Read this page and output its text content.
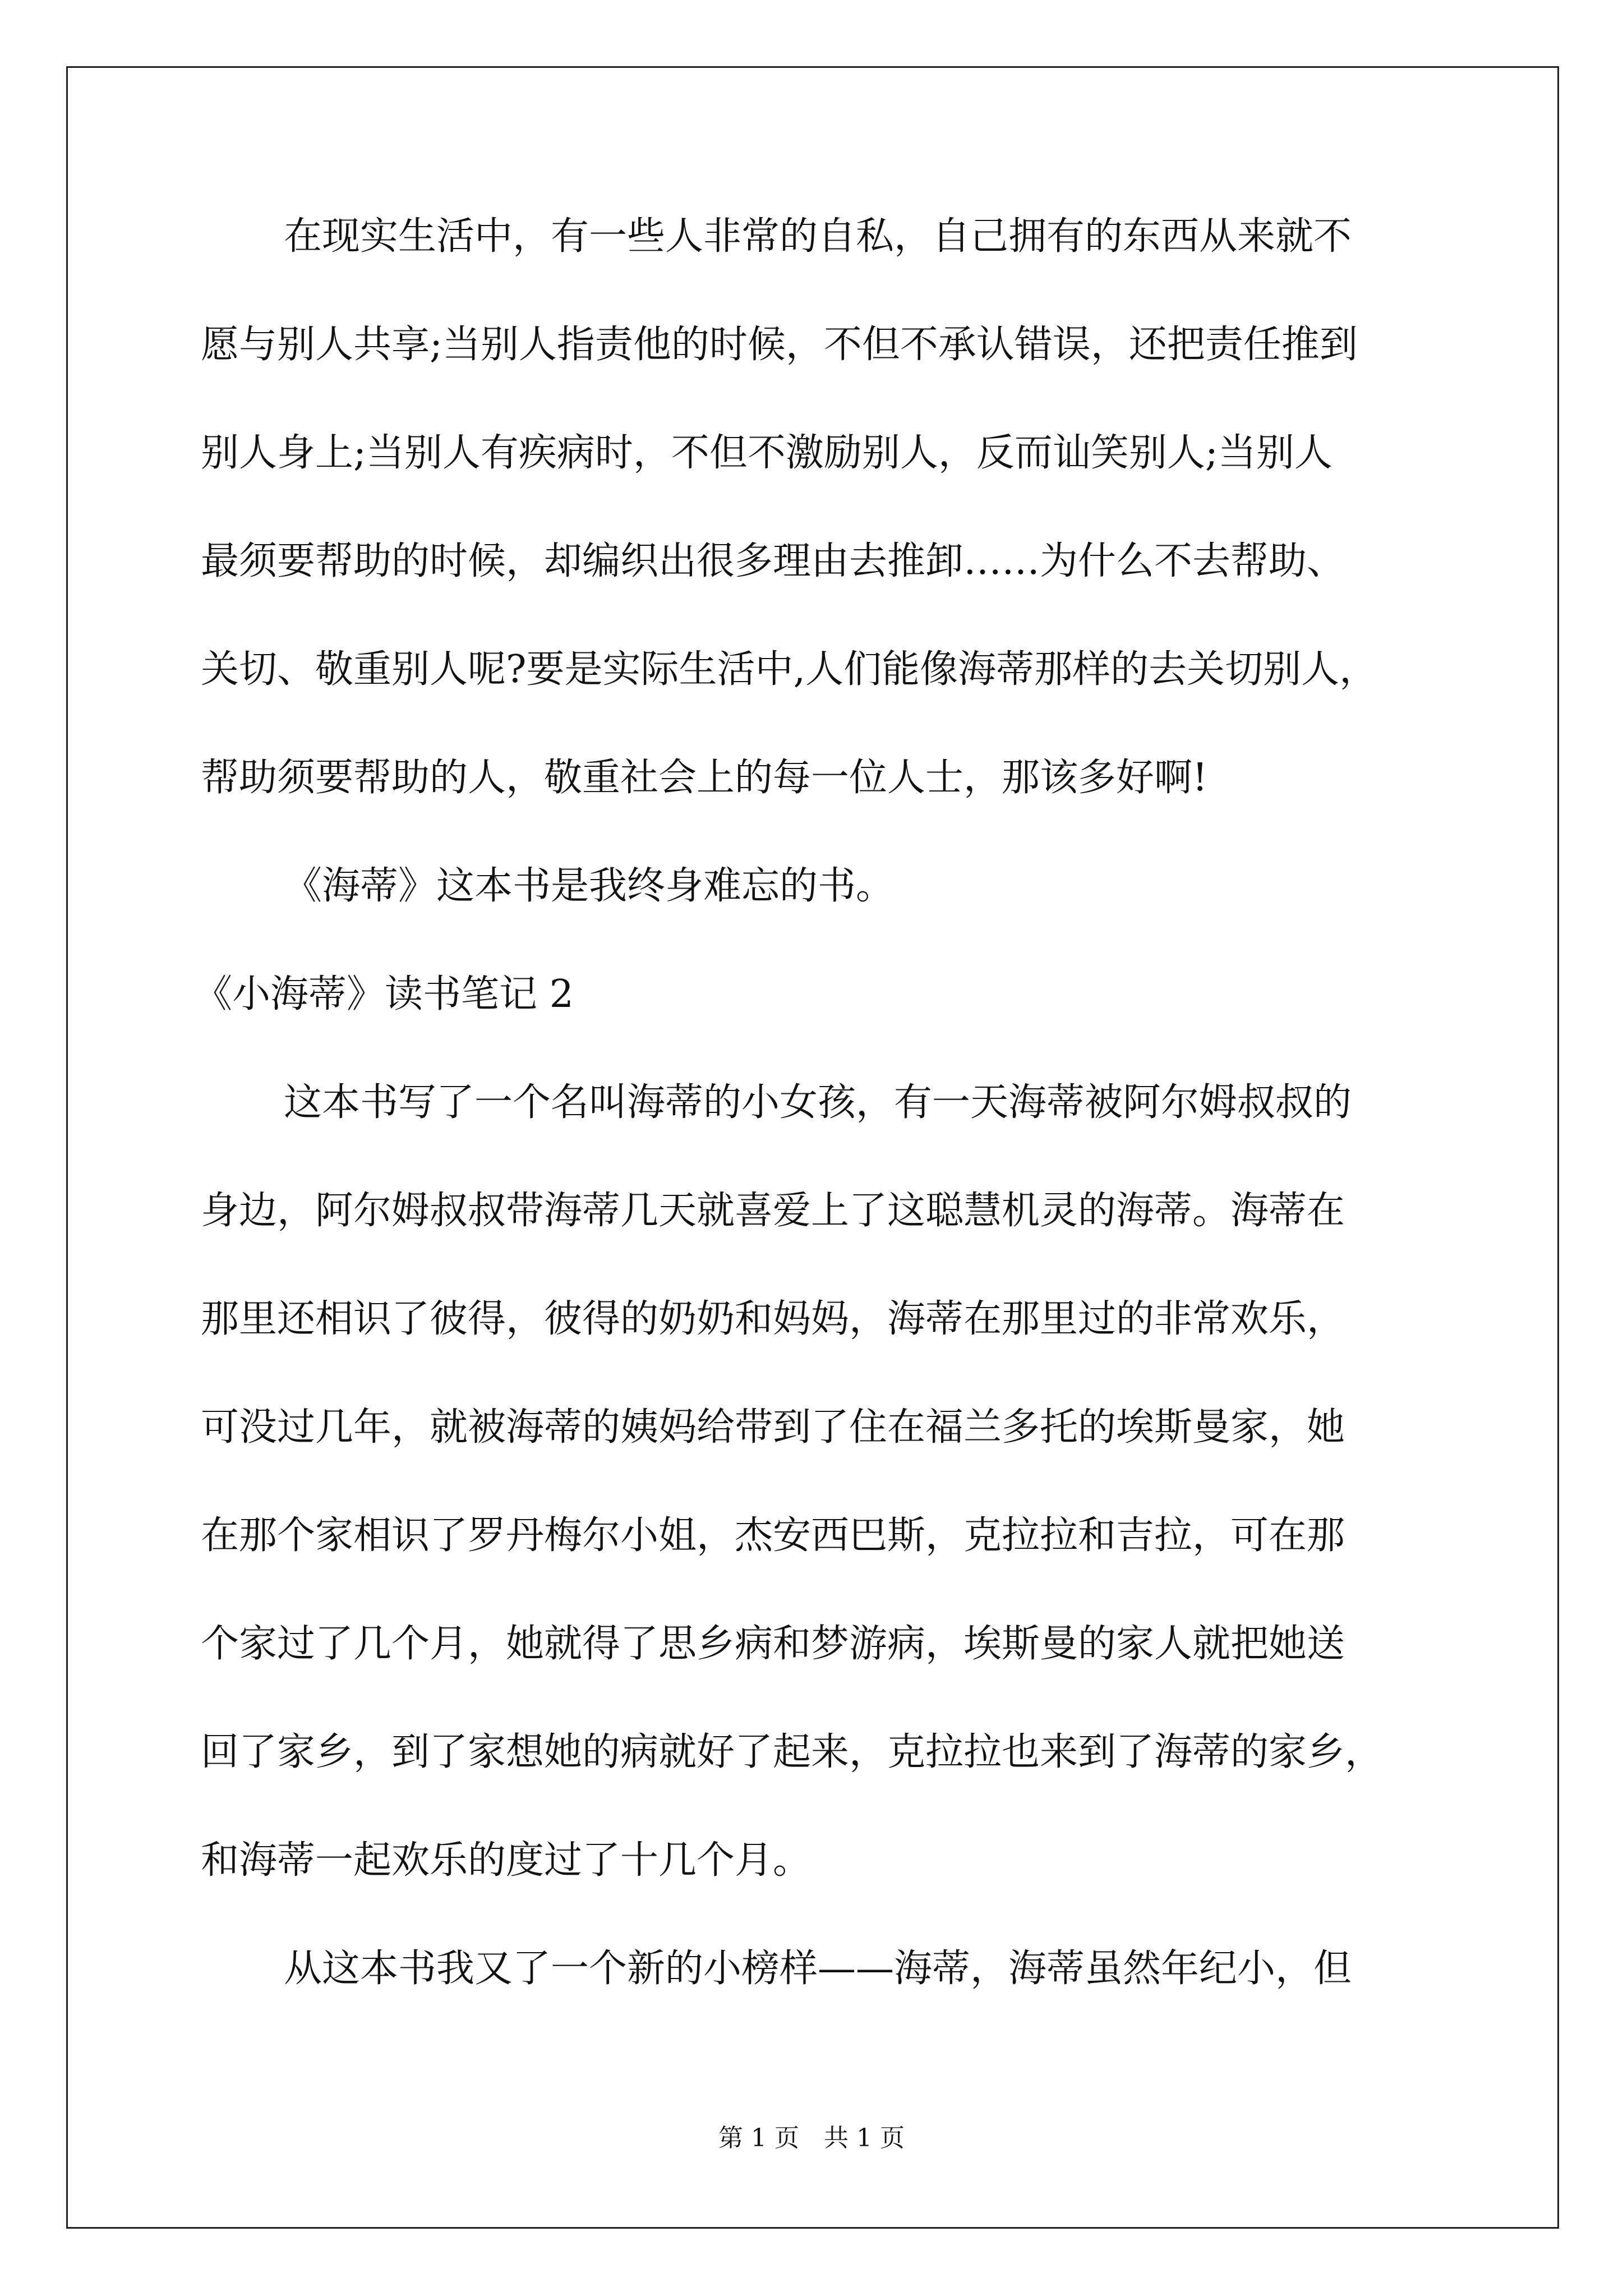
在现实生活中，有一些人非常的自私，自己拥有的东西从来就不
愿与别人共享;当别人指责他的时候，不但不承认错误，还把责任推到
别人身上;当别人有疾病时，不但不激励别人，反而讪笑别人;当别人
最须要帮助的时候，却编织出很多理由去推卸……为什么不去帮助、
关切、敬重别人呢?要是实际生活中,人们能像海蒂那样的去关切别人，
帮助须要帮助的人，敬重社会上的每一位人士，那该多好啊!
《海蒂》这本书是我终身难忘的书。
《小海蒂》读书笔记 2
这本书写了一个名叫海蒂的小女孩，有一天海蒂被阿尔姆叔叔的
身边，阿尔姆叔叔带海蒂几天就喜爱上了这聪慧机灵的海蒂。海蒂在
那里还相识了彼得，彼得的奶奶和妈妈，海蒂在那里过的非常欢乐，
可没过几年，就被海蒂的姨妈给带到了住在福兰多托的埃斯曼家，她
在那个家相识了罗丹梅尔小姐，杰安西巴斯，克拉拉和吉拉，可在那
个家过了几个月，她就得了思乡病和梦游病，埃斯曼的家人就把她送
回了家乡，到了家想她的病就好了起来，克拉拉也来到了海蒂的家乡，
和海蒂一起欢乐的度过了十几个月。
从这本书我又了一个新的小榜样——海蒂，海蒂虽然年纪小，但
第 1 页　共 1 页
